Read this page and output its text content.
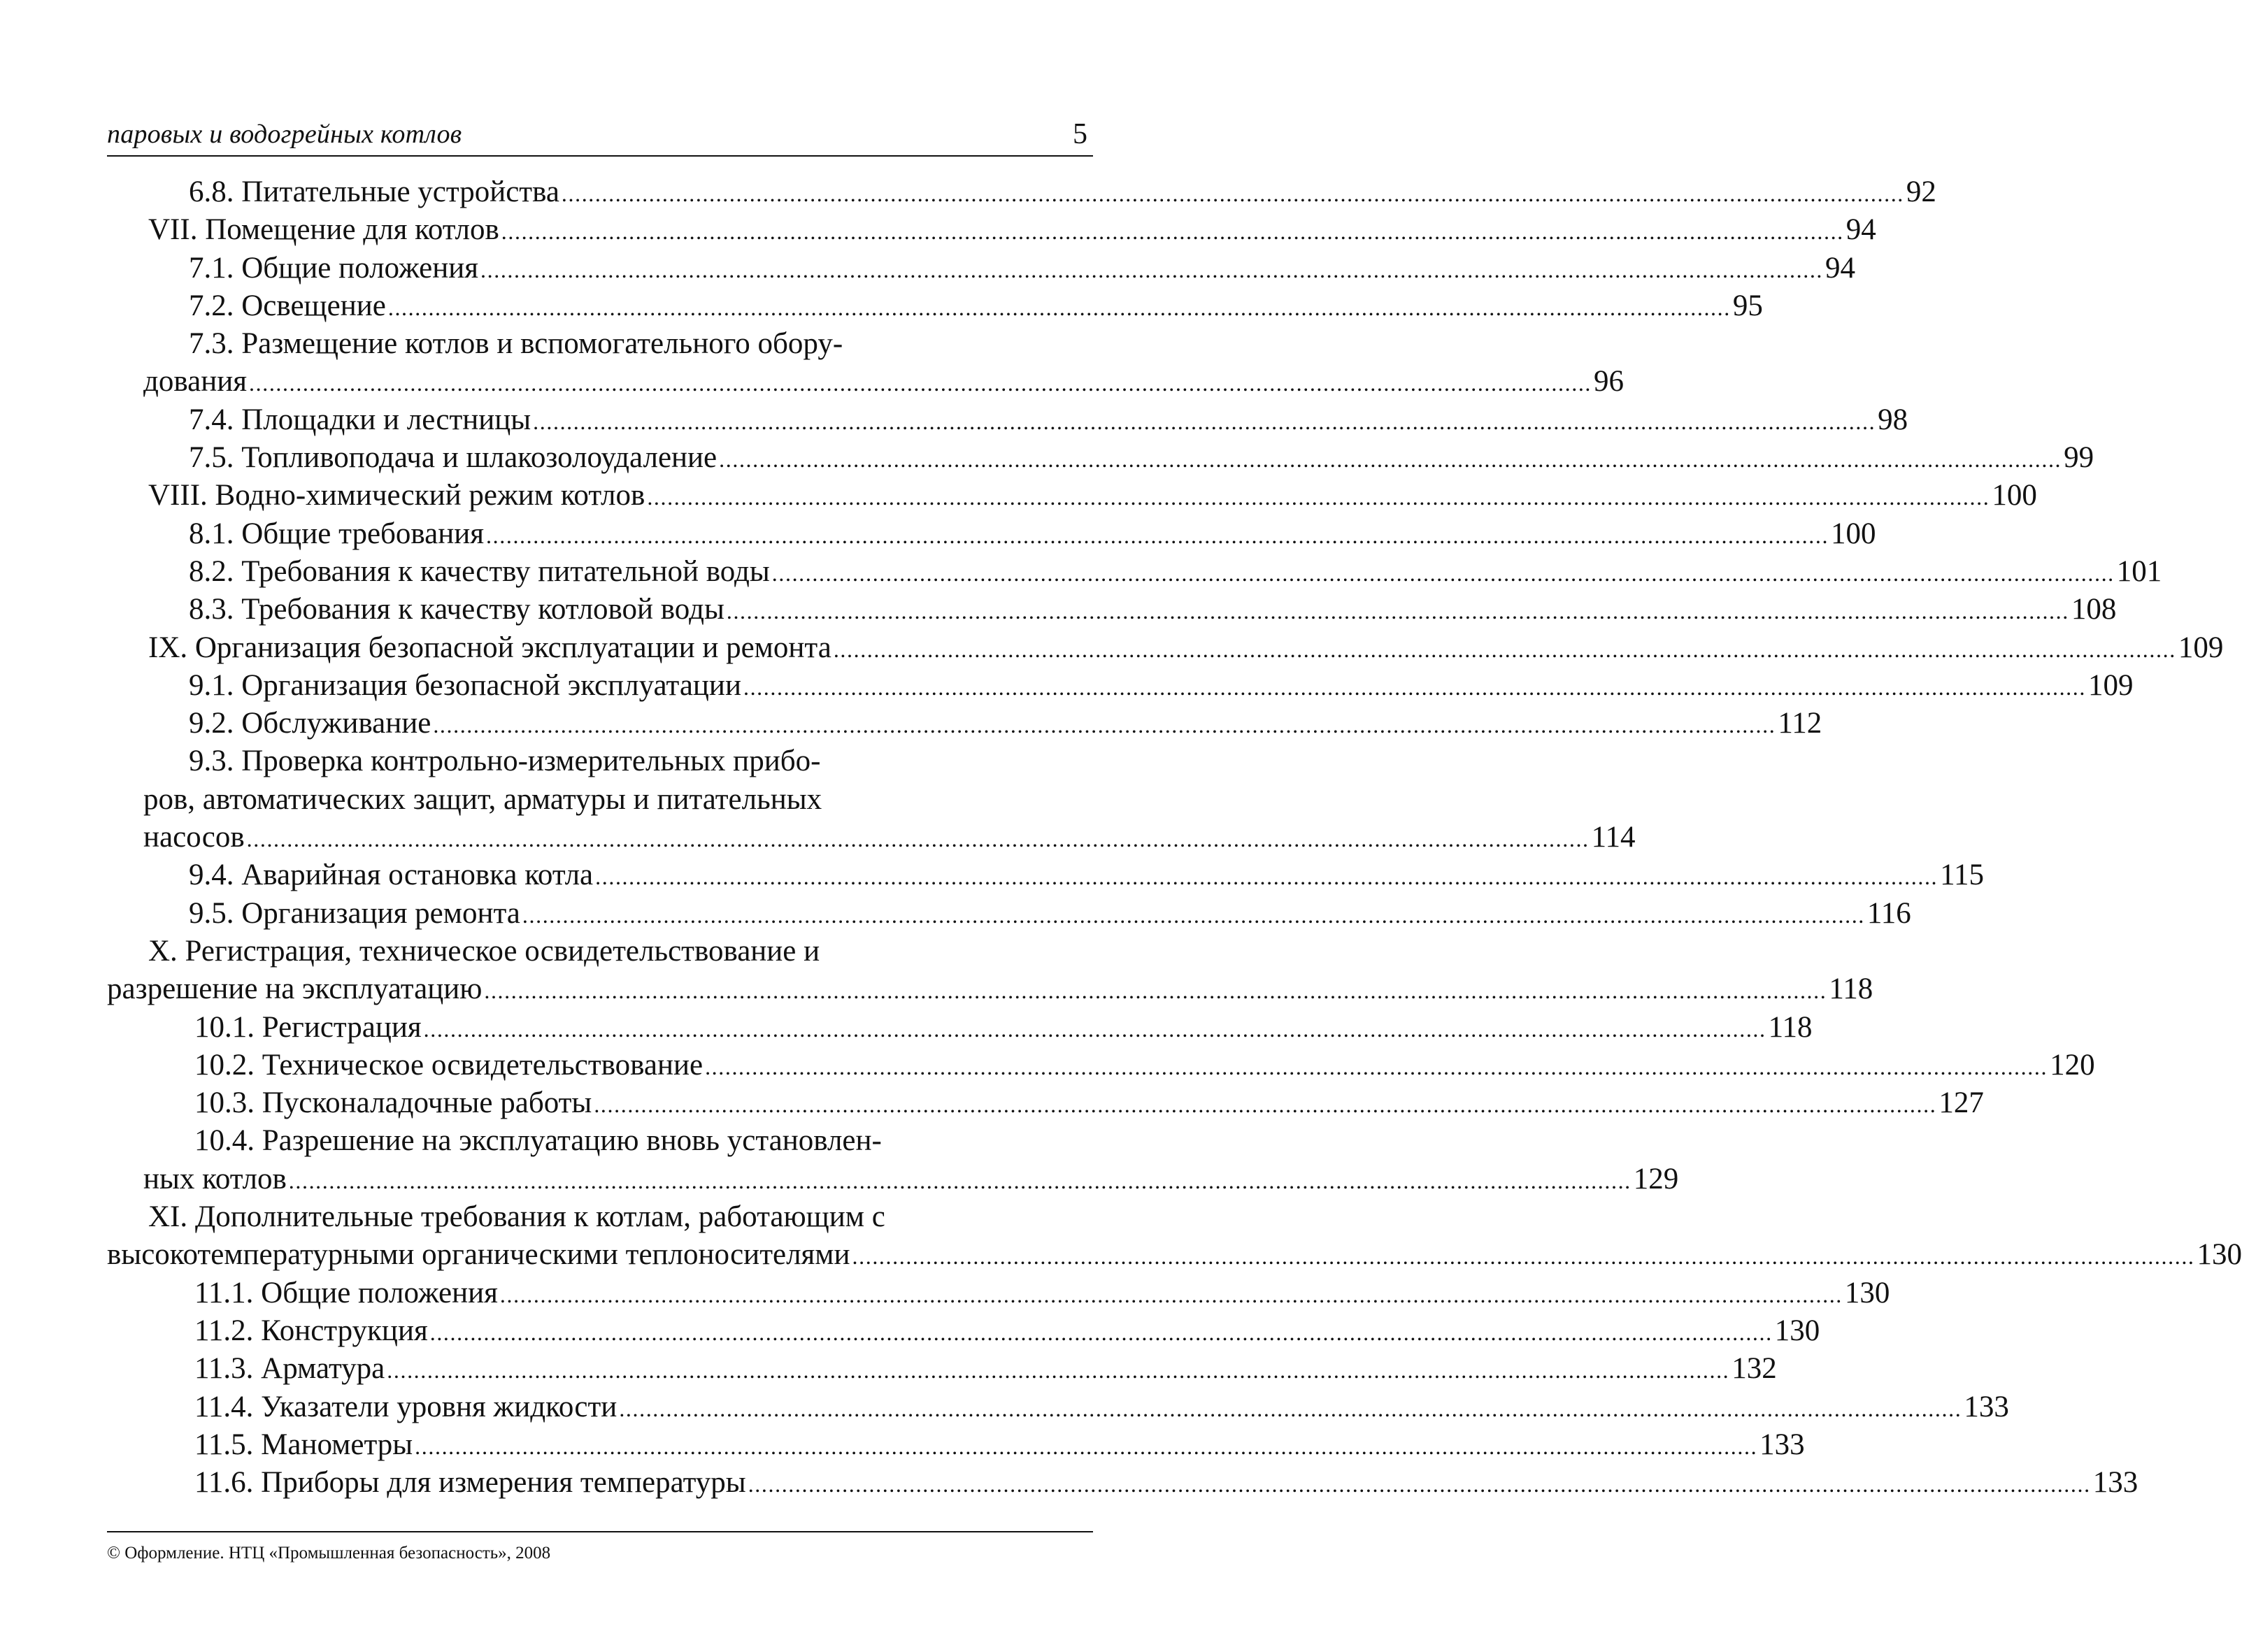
паровых и водогрейных котлов	5
6.8. Питательные устройства ........................................................................................................................................................................................................ 92
VII. Помещение для котлов ........................................................................................................................................................................................................ 94
7.1. Общие положения ........................................................................................................................................................................................................ 94
7.2. Освещение ........................................................................................................................................................................................................ 95
7.3. Размещение котлов и вспомогательного обору-
дования ........................................................................................................................................................................................................ 96
7.4. Площадки и лестницы ........................................................................................................................................................................................................ 98
7.5. Топливоподача и шлакозолоудаление ........................................................................................................................................................................................................ 99
VIII. Водно-химический режим котлов ........................................................................................................................................................................................................ 100
8.1. Общие требования ........................................................................................................................................................................................................ 100
8.2. Требования к качеству питательной воды ........................................................................................................................................................................................................ 101
8.3. Требования к качеству котловой воды ........................................................................................................................................................................................................ 108
IX. Организация безопасной эксплуатации и ремонта ........................................................................................................................................................................................................ 109
9.1. Организация безопасной эксплуатации ........................................................................................................................................................................................................ 109
9.2. Обслуживание ........................................................................................................................................................................................................ 112
9.3. Проверка контрольно-измерительных прибо-
ров, автоматических защит, арматуры и питательных
насосов ........................................................................................................................................................................................................ 114
9.4. Аварийная остановка котла ........................................................................................................................................................................................................ 115
9.5. Организация ремонта ........................................................................................................................................................................................................ 116
X. Регистрация, техническое освидетельствование и
разрешение на эксплуатацию ........................................................................................................................................................................................................ 118
10.1. Регистрация ........................................................................................................................................................................................................ 118
10.2. Техническое освидетельствование ........................................................................................................................................................................................................ 120
10.3. Пусконаладочные работы ........................................................................................................................................................................................................ 127
10.4. Разрешение на эксплуатацию вновь установлен-
ных котлов ........................................................................................................................................................................................................ 129
XI. Дополнительные требования к котлам, работающим с
высокотемпературными органическими теплоносителями ........................................................................................................................................................................................................ 130
11.1. Общие положения ........................................................................................................................................................................................................ 130
11.2. Конструкция ........................................................................................................................................................................................................ 130
11.3. Арматура ........................................................................................................................................................................................................ 132
11.4. Указатели уровня жидкости ........................................................................................................................................................................................................ 133
11.5. Манометры ........................................................................................................................................................................................................ 133
11.6. Приборы для измерения температуры ........................................................................................................................................................................................................ 133
© Оформление. НТЦ «Промышленная безопасность», 2008
